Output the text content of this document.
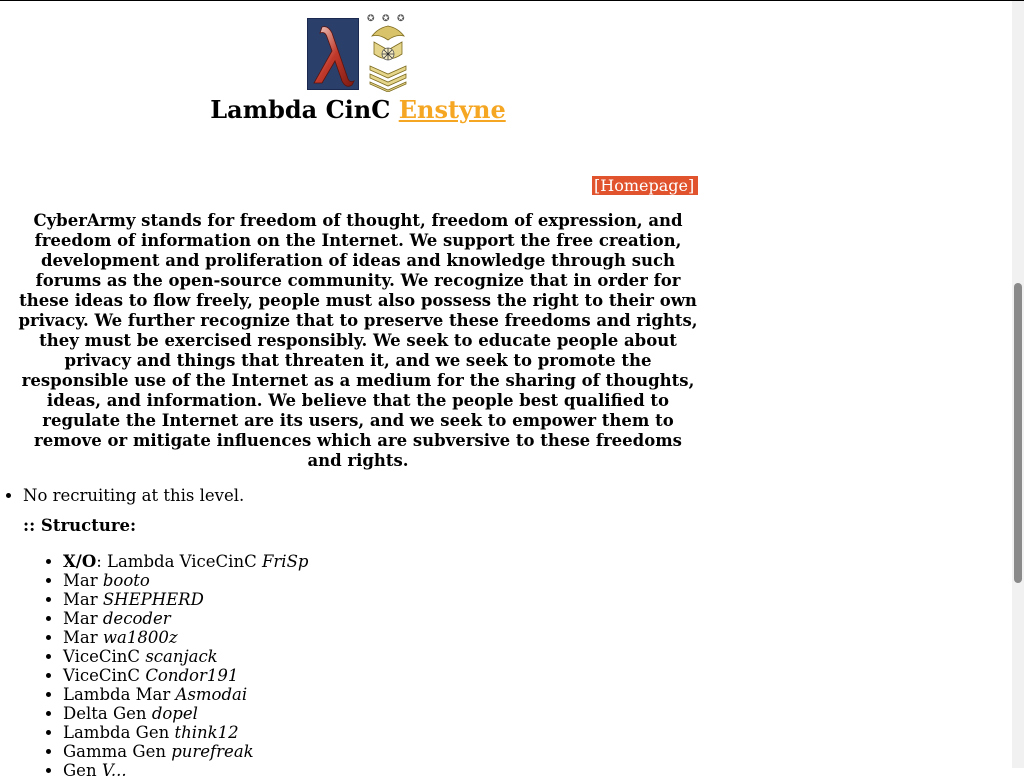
✪ ✪ ✪
Lambda CinC Enstyne
[Homepage]
CyberArmy stands for freedom of thought, freedom of expression, and freedom of information on the Internet. We support the free creation, development and proliferation of ideas and knowledge through such forums as the open-source community. We recognize that in order for these ideas to flow freely, people must also possess the right to their own privacy. We further recognize that to preserve these freedoms and rights, they must be exercised responsibly. We seek to educate people about privacy and things that threaten it, and we seek to promote the responsible use of the Internet as a medium for the sharing of thoughts, ideas, and information. We believe that the people best qualified to regulate the Internet are its users, and we seek to empower them to remove or mitigate influences which are subversive to these freedoms and rights.
• No recruiting at this level.
:: Structure:
• X/O: Lambda ViceCinC FriSp
• Mar booto
• Mar SHEPHERD
• Mar decoder
• Mar wa1800z
• ViceCinC scanjack
• ViceCinC Condor191
• Lambda Mar Asmodai
• Delta Gen dopel
• Lambda Gen think12
• Gamma Gen purefreak
• Gen V...
